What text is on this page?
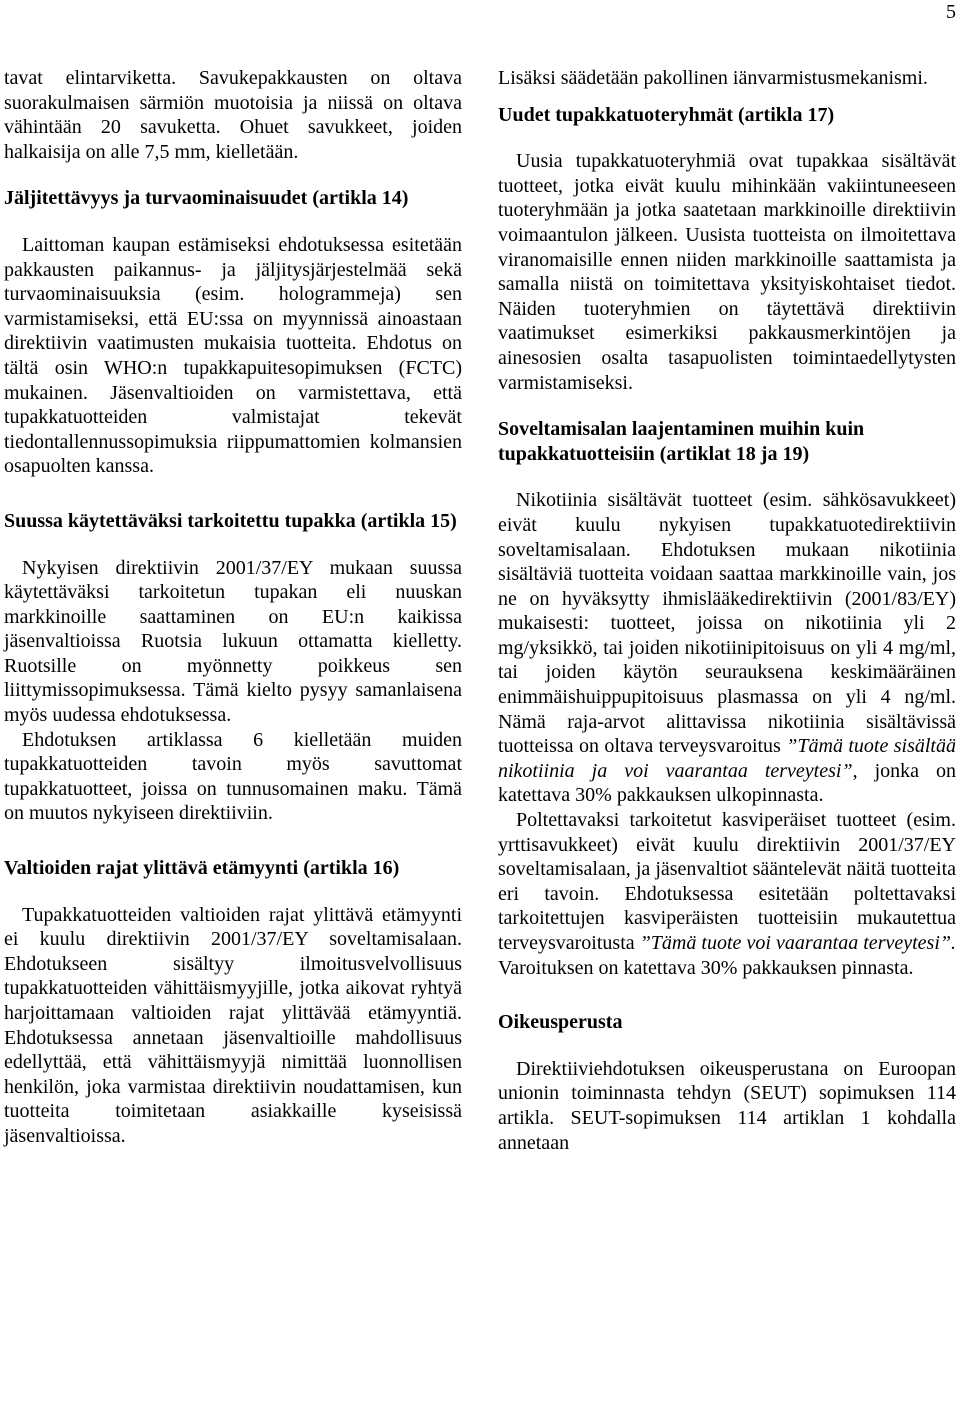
5

tavat elintarviketta. Savukepakkausten on oltava suorakulmaisen särmiön muotoisia ja niissä on oltava vähintään 20 savuketta. Ohuet savukkeet, joiden halkaisija on alle 7,5 mm, kielletään.

Jäljitettävyys ja turvaominaisuudet (artikla 14)

Laittoman kaupan estämiseksi ehdotuksessa esitetään pakkausten paikannus- ja jäljitysjärjestelmää sekä turvaominaisuuksia (esim. hologrammeja) sen varmistamiseksi, että EU:ssa on myynnissä ainoastaan direktiivin vaatimusten mukaisia tuotteita. Ehdotus on tältä osin WHO:n tupakkapuitesopimuksen (FCTC) mukainen. Jäsenvaltioiden on varmistettava, että tupakkatuotteiden valmistajat tekevät tiedontallennussopimuksia riippumattomien kolmansien osapuolten kanssa.

Suussa käytettäväksi tarkoitettu tupakka (artikla 15)

Nykyisen direktiivin 2001/37/EY mukaan suussa käytettäväksi tarkoitetun tupakan eli nuuskan markkinoille saattaminen on EU:n kaikissa jäsenvaltioissa Ruotsia lukuun ottamatta kielletty. Ruotsille on myönnetty poikkeus sen liittymissopimuksessa. Tämä kielto pysyy samanlaisena myös uudessa ehdotuksessa.

Ehdotuksen artiklassa 6 kielletään muiden tupakkatuotteiden tavoin myös savuttomat tupakkatuotteet, joissa on tunnusomainen maku. Tämä on muutos nykyiseen direktiiviin.

Valtioiden rajat ylittävä etämyynti (artikla 16)

Tupakkatuotteiden valtioiden rajat ylittävä etämyynti ei kuulu direktiivin 2001/37/EY soveltamisalaan. Ehdotukseen sisältyy ilmoitusvelvollisuus tupakkatuotteiden vähittäismyyjille, jotka aikovat ryhtyä harjoittamaan valtioiden rajat ylittävää etämyyntiä. Ehdotuksessa annetaan jäsenvaltioille mahdollisuus edellyttää, että vähittäismyyjä nimittää luonnollisen henkilön, joka varmistaa direktiivin noudattamisen, kun tuotteita toimitetaan asiakkaille kyseisissä jäsenvaltioissa.

Lisäksi säädetään pakollinen iänvarmistusmekanismi.

Uudet tupakkatuoteryhmät (artikla 17)

Uusia tupakkatuoteryhmiä ovat tupakkaa sisältävät tuotteet, jotka eivät kuulu mihinkään vakiintuneeseen tuoteryhmään ja jotka saatetaan markkinoille direktiivin voimaantulon jälkeen. Uusista tuotteista on ilmoitettava viranomaisille ennen niiden markkinoille saattamista ja samalla niistä on toimitettava yksityiskohtaiset tiedot. Näiden tuoteryhmien on täytettävä direktiivin vaatimukset esimerkiksi pakkausmerkintöjen ja ainesosien osalta tasapuolisten toimintaedellytysten varmistamiseksi.

Soveltamisalan laajentaminen muihin kuin tupakkatuotteisiin (artiklat 18 ja 19)

Nikotiinia sisältävät tuotteet (esim. sähkösavukkeet) eivät kuulu nykyisen tupakkatuotedirektiivin soveltamisalaan. Ehdotuksen mukaan nikotiinia sisältäviä tuotteita voidaan saattaa markkinoille vain, jos ne on hyväksytty ihmislääkedirektiivin (2001/83/EY) mukaisesti: tuotteet, joissa on nikotiinia yli 2 mg/yksikkö, tai joiden nikotiinipitoisuus on yli 4 mg/ml, tai joiden käytön seurauksena keskimääräinen enimmäishuippupitoisuus plasmassa on yli 4 ng/ml. Nämä raja-arvot alittavissa nikotiinia sisältävissä tuotteissa on oltava terveysvaroitus ”Tämä tuote sisältää nikotiinia ja voi vaarantaa terveytesi”, jonka on katettava 30% pakkauksen ulkopinnasta.

Poltettavaksi tarkoitetut kasviperäiset tuotteet (esim. yrttisavukkeet) eivät kuulu direktiivin 2001/37/EY soveltamisalaan, ja jäsenvaltiot sääntelevät näitä tuotteita eri tavoin. Ehdotuksessa esitetään poltettavaksi tarkoitettujen kasviperäisten tuotteisiin mukautettua terveysvaroitusta ”Tämä tuote voi vaarantaa terveytesi”. Varoituksen on katettava 30% pakkauksen pinnasta.

Oikeusperusta

Direktiiviehdotuksen oikeusperustana on Euroopan unionin toiminnasta tehdyn (SEUT) sopimuksen 114 artikla. SEUT-sopimuksen 114 artiklan 1 kohdalla annetaan
